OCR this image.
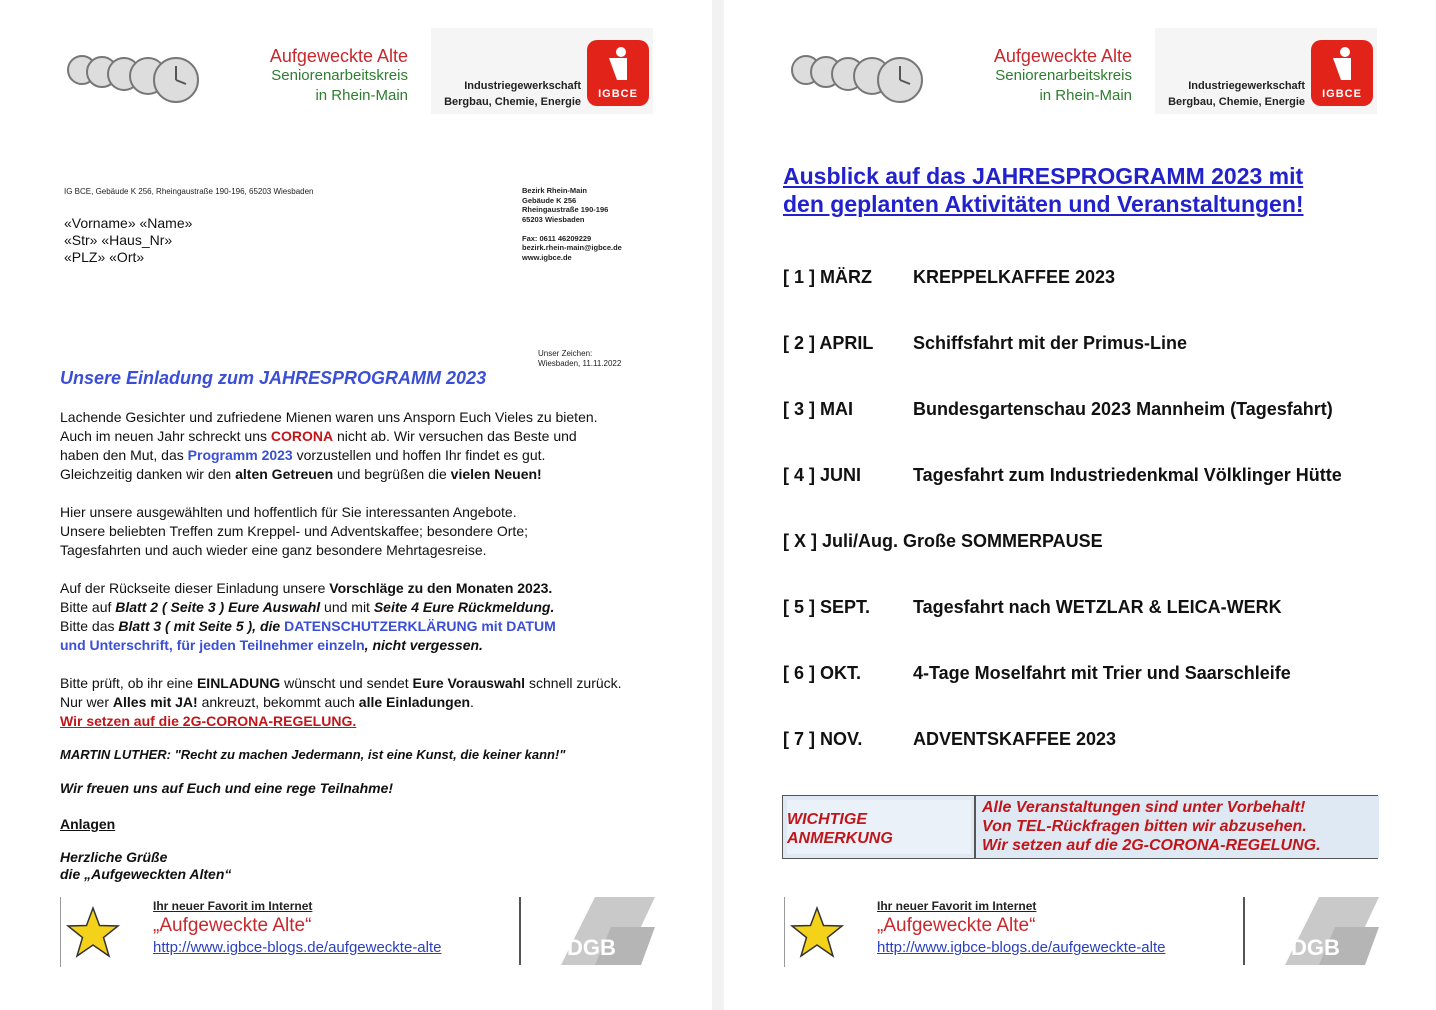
Aufgeweckte Alte
Seniorenarbeitskreis
in Rhein-Main
Industriegewerkschaft
Bergbau, Chemie, Energie
IGBCE
IG BCE, Gebäude K 256, Rheingaustraße 190-196, 65203 Wiesbaden
«Vorname» «Name»
«Str» «Haus_Nr»
«PLZ» «Ort»
Bezirk Rhein-Main
Gebäude K 256
Rheingaustraße 190-196
65203 Wiesbaden
Fax: 0611 46209229
bezirk.rhein-main@igbce.de
www.igbce.de
Unser Zeichen:
Wiesbaden, 11.11.2022
Unsere Einladung zum JAHRESPROGRAMM 2023
Lachende Gesichter und zufriedene Mienen waren uns Ansporn Euch Vieles zu bieten.
Auch im neuen Jahr schreckt uns CORONA nicht ab. Wir versuchen das Beste und
haben den Mut, das Programm 2023 vorzustellen und hoffen Ihr findet es gut.
Gleichzeitig danken wir den alten Getreuen und begrüßen die vielen Neuen!
Hier unsere ausgewählten und hoffentlich für Sie interessanten Angebote.
Unsere beliebten Treffen zum Kreppel- und Adventskaffee; besondere Orte;
Tagesfahrten und auch wieder eine ganz besondere Mehrtagesreise.
Auf der Rückseite dieser Einladung unsere Vorschläge zu den Monaten 2023.
Bitte auf Blatt 2 ( Seite 3 ) Eure Auswahl und mit Seite 4 Eure Rückmeldung.
Bitte das Blatt 3 ( mit Seite 5 ), die DATENSCHUTZERKLÄRUNG mit DATUM
und Unterschrift, für jeden Teilnehmer einzeln, nicht vergessen.
Bitte prüft, ob ihr eine EINLADUNG wünscht und sendet Eure Vorauswahl schnell zurück.
Nur wer Alles mit JA! ankreuzt, bekommt auch alle Einladungen.
Wir setzen auf die 2G-CORONA-REGELUNG.
MARTIN LUTHER: "Recht zu machen Jedermann, ist eine Kunst, die keiner kann!"
Wir freuen uns auf Euch und eine rege Teilnahme!
Anlagen
Herzliche Grüße
die „Aufgeweckten Alten“
Ihr neuer Favorit im Internet
„Aufgeweckte Alte“
http://www.igbce-blogs.de/aufgeweckte-alte	DGB
Aufgeweckte Alte
Seniorenarbeitskreis
in Rhein-Main
Industriegewerkschaft
Bergbau, Chemie, Energie
IGBCE
Ausblick auf das JAHRESPROGRAMM 2023 mit
den geplanten Aktivitäten und Veranstaltungen!
[ 1 ] MÄRZ KREPPELKAFFEE 2023
[ 2 ] APRIL Schiffsfahrt mit der Primus-Line
[ 3 ] MAI	Bundesgartenschau 2023 Mannheim (Tagesfahrt)
[ 4 ] JUNI	Tagesfahrt zum Industriedenkmal Völklinger Hütte
[ X ] Juli/Aug. Große SOMMERPAUSE
[ 5 ] SEPT. Tagesfahrt nach WETZLAR & LEICA-WERK
[ 6 ] OKT.	4-Tage Moselfahrt mit Trier und Saarschleife
[ 7 ] NOV.	ADVENTSKAFFEE 2023
WICHTIGE
ANMERKUNG
Alle Veranstaltungen sind unter Vorbehalt!
Von TEL-Rückfragen bitten wir abzusehen.
Wir setzen auf die 2G-CORONA-REGELUNG.
Ihr neuer Favorit im Internet
„Aufgeweckte Alte“
http://www.igbce-blogs.de/aufgeweckte-alte	DGB
